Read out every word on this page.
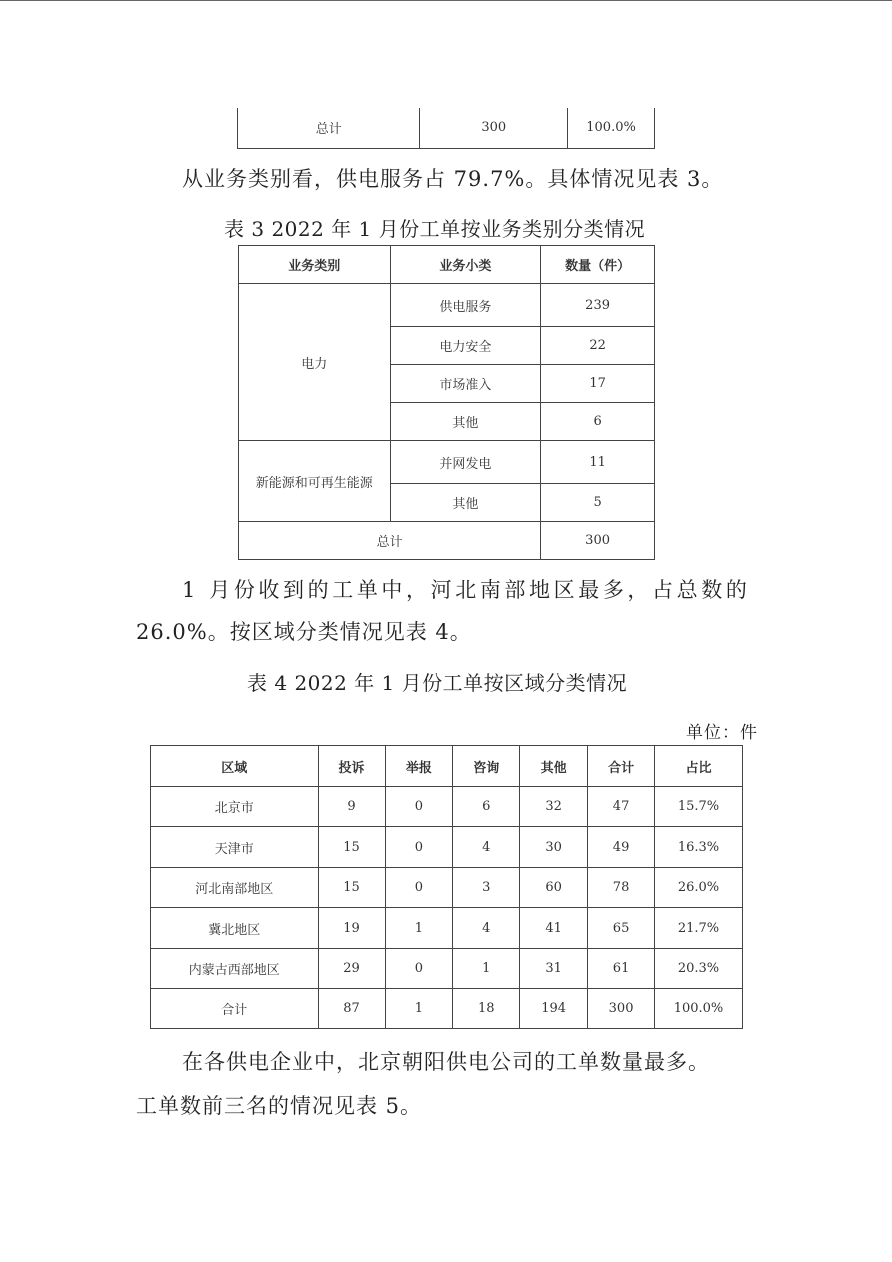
总计	300	100.0%
从业务类别看，供电服务占 79.7%。具体情况见表 3。
表 3 2022 年 1 月份工单按业务类别分类情况
业务类别	业务小类	数量（件）
电力	供电服务	239
	电力安全	22
	市场准入	17
	其他	6
新能源和可再生能源	并网发电	11
	其他	5
总计		300
1 月份收到的工单中，河北南部地区最多，占总数的
26.0%。按区域分类情况见表 4。
表 4 2022 年 1 月份工单按区域分类情况
单位：件
区域	投诉	举报	咨询	其他	合计	占比
北京市	9	0	6	32	47	15.7%
天津市	15	0	4	30	49	16.3%
河北南部地区	15	0	3	60	78	26.0%
冀北地区	19	1	4	41	65	21.7%
内蒙古西部地区	29	0	1	31	61	20.3%
合计	87	1	18	194	300	100.0%
在各供电企业中，北京朝阳供电公司的工单数量最多。
工单数前三名的情况见表 5。
